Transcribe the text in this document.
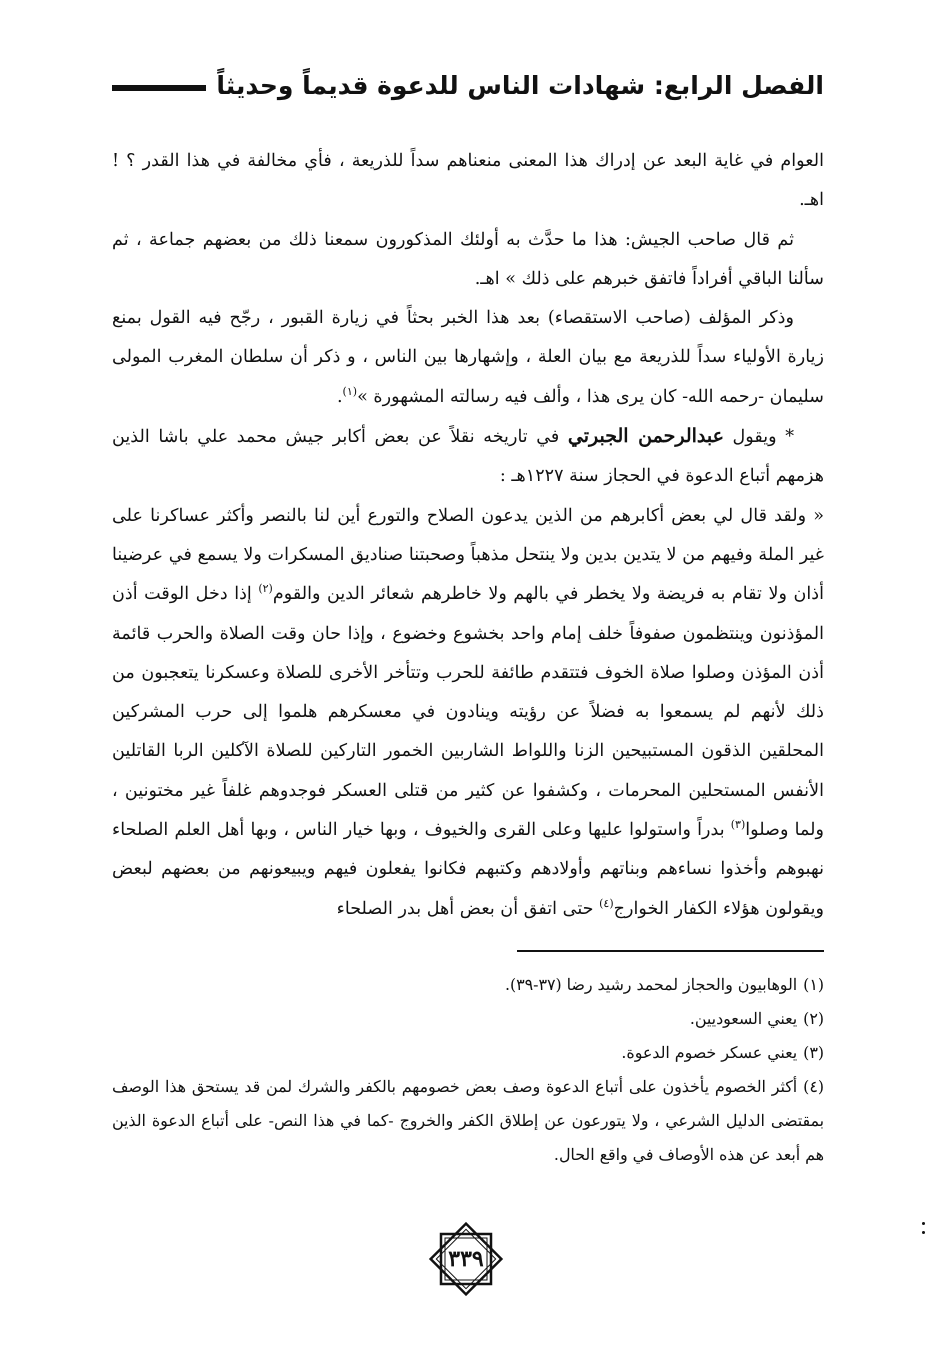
الفصل الرابع: شهادات الناس للدعوة قديماً وحديثاً

العوام في غاية البعد عن إدراك هذا المعنى منعناهم سداً للذريعة ، فأي مخالفة في هذا القدر ؟ ! اهـ.

ثم قال صاحب الجيش: هذا ما حدَّث به أولئك المذكورون سمعنا ذلك من بعضهم جماعة ، ثم سألنا الباقي أفراداً فاتفق خبرهم على ذلك » اهـ.

وذكر المؤلف (صاحب الاستقصاء) بعد هذا الخبر بحثاً في زيارة القبور ، رجّح فيه القول بمنع زيارة الأولياء سداً للذريعة مع بيان العلة ، وإشهارها بين الناس ، و ذكر أن سلطان المغرب المولى سليمان -رحمه الله- كان يرى هذا ، وألف فيه رسالته المشهورة »$^{(١)}$.

* ويقول عبدالرحمن الجبرتي في تاريخه نقلاً عن بعض أكابر جيش محمد علي باشا الذين هزمهم أتباع الدعوة في الحجاز سنة ١٢٢٧هـ :

« ولقد قال لي بعض أكابرهم من الذين يدعون الصلاح والتورع أين لنا بالنصر وأكثر عساكرنا على غير الملة وفيهم من لا يتدين بدين ولا ينتحل مذهباً وصحبتنا صناديق المسكرات ولا يسمع في عرضينا أذان ولا تقام به فريضة ولا يخطر في بالهم ولا خاطرهم شعائر الدين والقوم$^{(٢)}$ إذا دخل الوقت أذن المؤذنون وينتظمون صفوفاً خلف إمام واحد بخشوع وخضوع ، وإذا حان وقت الصلاة والحرب قائمة أذن المؤذن وصلوا صلاة الخوف فتتقدم طائفة للحرب وتتأخر الأخرى للصلاة وعسكرنا يتعجبون من ذلك لأنهم لم يسمعوا به فضلاً عن رؤيته وينادون في معسكرهم هلموا إلى حرب المشركين المحلقين الذقون المستبيحين الزنا واللواط الشاربين الخمور التاركين للصلاة الآكلين الربا القاتلين الأنفس المستحلين المحرمات ، وكشفوا عن كثير من قتلى العسكر فوجدوهم غلفاً غير مختونين ، ولما وصلوا$^{(٣)}$ بدراً واستولوا عليها وعلى القرى والخيوف ، وبها خيار الناس ، وبها أهل العلم الصلحاء نهبوهم وأخذوا نساءهم وبناتهم وأولادهم وكتبهم فكانوا يفعلون فيهم ويبيعونهم من بعضهم لبعض ويقولون هؤلاء الكفار الخوارج$^{(٤)}$ حتى اتفق أن بعض أهل بدر الصلحاء

(١)الوهابيون والحجاز لمحمد رشيد رضا (٣٧-٣٩).

(٢)يعني السعوديين.

(٣)يعني عسكر خصوم الدعوة.

(٤)أكثر الخصوم يأخذون على أتباع الدعوة وصف بعض خصومهم بالكفر والشرك لمن قد يستحق هذا الوصف بمقتضى الدليل الشرعي ، ولا يتورعون عن إطلاق الكفر والخروج -كما في هذا النص- على أتباع الدعوة الذين هم أبعد عن هذه الأوصاف في واقع الحال.

٣٣٩
